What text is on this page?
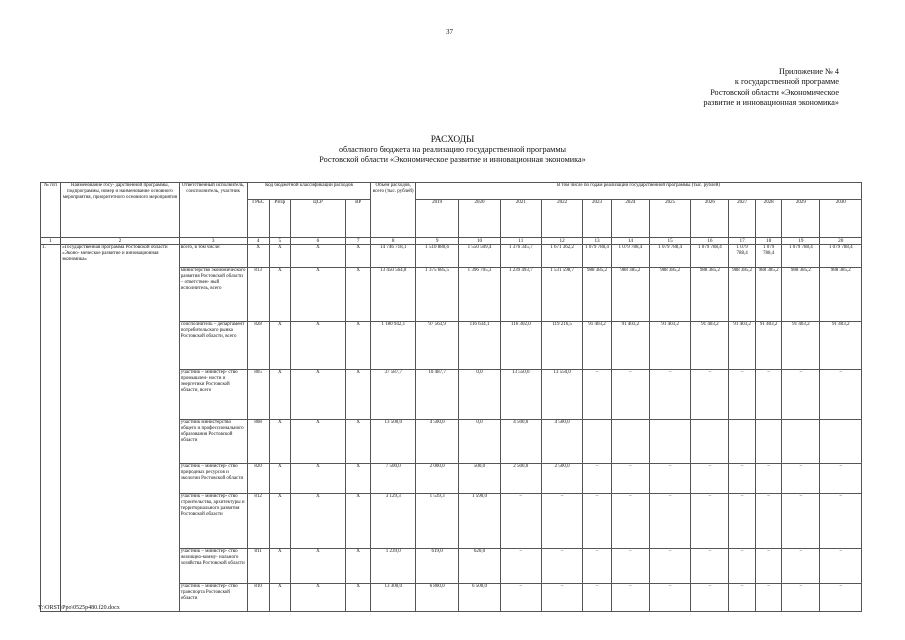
37
Приложение № 4
к государственной программе
Ростовской области «Экономическое
развитие и инновационная экономика»
РАСХОДЫ
областного бюджета на реализацию государственной программы
Ростовской области «Экономическое развитие и инновационная экономика»
№ п/п	Наименование госу- дарственной программы, подпрограммы, номер и наименование основного мероприятия, приоритетного основного мероприятия	Ответственный исполнитель, соисполнитель, участник	Код бюджетной классификации расходов				Объем расходов, всего (тыс. рублей)	В том числе по годам реализации государственной программы (тыс. рублей)											
			ГРБС	РзПр	ЦСР	ВР		2019	2020	2021	2022	2023	2024	2025	2026	2027	2028	2029	2030
1	2	3	4	5	6	7	8	9	10	11	12	13	14	15	16	17	18	19	20
1.	«Государственная программа Ростовской области «Эконо- мическое развитие и инновационная экономика»	всего, в том числе:	X	X	X	X	14 746 718,1	1 510 880,6	1 550 509,4	1 376 345,7	1 671 362,2	1 079 788,4	1 079 788,4	1 079 788,4	1 079 788,4	1 079 788,4	1 079 788,4	1 079 788,4	1 079 788,4
		министерство экономического развития Ростовской области – ответствен- ный исполнитель, всего	813	X	X	X	13 450 564,8	1 375 685,5	1 396 705,3	1 239 493,7	1 531 598,7	988 385,2	988 385,2	988 385,2	988 385,2	988 385,2	988 385,2	988 385,2	988 385,2
		соисполнитель – департамент потребительского рынка Ростовской области, всего	828	X	X	X	1 180 942,1	97 563,9	116 634,1	116 302,0	119 216,5	91 403,2	91 403,2	91 403,2	91 403,2	91 403,2	91 403,2	91 403,2	91 403,2
		участник – министер- ство промышлен- ности и энергетики Ростовской области, всего	805	X	X	X	37 587,7	10 487,7	0,0	13 550,0	13 550,0	–	–	–	–	–	–	–	–
		участник министерство общего и профессионального образования Ростовской области	808	X	X	X	13 500,0	4 500,0	0,0	4 500,0	4 500,0								
		участник – министер- ство природных ресурсов и экологии Ростовской области	820	X	X	X	7 500,0	2 000,0	500,0	2 500,0	2 500,0	–	–	–	–	–	–	–	–
		участник – министер- ство строительства, архитектуры и территориального развития Ростовской области	812	X	X	X	3 129,3	1 539,3	1 590,0	–	–	–	–	–	–	–	–	–	–
		участник – министер- ство жилищно-комму- нального хозяйства Ростовской области	811	X	X	X	1 239,0	619,0	620,0	–	–	–	–	–	–	–	–	–	–
		участник – министер- ство транспорта Ростовской области	810	X	X	X	13 300,0	6 800,0	6 500,0	–	–	–	–	–	–	–	–	–	–
Y:\ORST\Ppo\0525p480.f20.docx
